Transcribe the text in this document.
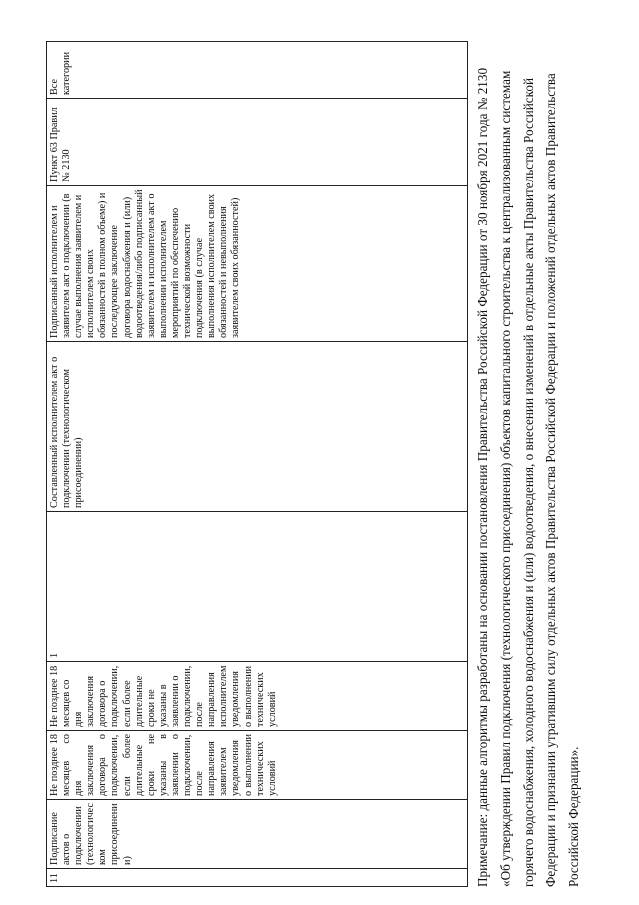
11	Подписание актов о подключении (технологическом присоединении)	Не позднее 18 месяцев со дня заключения договора о подключении, если более длительные сроки не указаны в заявлении о подключении, после направления заявителем уведомления о выполнении технических условий	Не позднее 18 месяцев со дня заключения договора о подключении, если более длительные сроки не указаны в заявлении о подключении, после направления исполнителем уведомления о выполнении технических условий	1	Составленный исполнителем акт о подключении (технологическом присоединении)	Подписанный исполнителем и заявителем акт о подключении (в случае выполнения заявителем и исполнителем своих обязанностей в полном объеме) и последующее заключение договора водоснабжения и (или) водоотведения/либо подписанный заявителем и исполнителем акт о выполнении исполнителем мероприятий по обеспечению технической возможности подключения (в случае выполнения исполнителем своих обязанностей и невыполнения заявителем своих обязанностей)	Пункт 63 Правил № 2130	Все категории	Примечание: данные алгоритмы разработаны на основании постановления Правительства Российской Федерации от 30 ноября 2021 года № 2130 «Об утверждении Правил подключения (технологического присоединения) объектов капитального строительства к централизованным системам горячего водоснабжения, холодного водоснабжения и (или) водоотведения, о внесении изменений в отдельные акты Правительства Российской Федерации и признании утратившим силу отдельных актов Правительства Российской Федерации и положений отдельных актов Правительства Российской Федерации».
